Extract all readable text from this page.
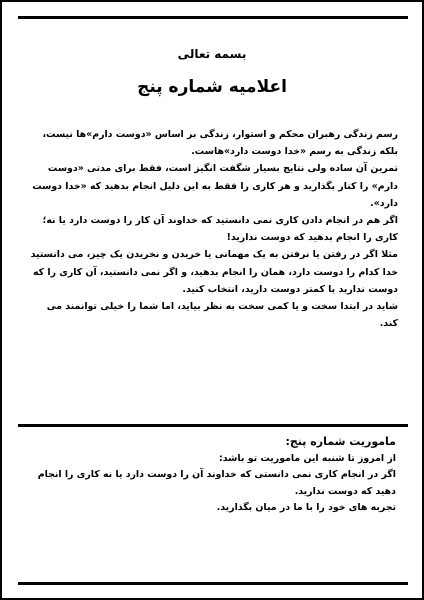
بسمه تعالی
اعلامیه شماره پنج

رسم زندگی رهبران محکم و استوار، زندگی بر اساس «دوست دارم»ها نیست، بلکه زندگی به رسم «خدا دوست دارد»هاست.

تمرین آن ساده ولی نتایج بسیار شگفت انگیز است، فقط برای مدتی «دوست دارم» را کنار بگذارید و هر کاری را فقط به این دلیل انجام بدهید که «خدا دوست دارد».

اگر هم در انجام دادن کاری نمی دانستید که خداوند آن کار را دوست دارد یا نه؛ کاری را انجام بدهید که دوست ندارید!

مثلا اگر در رفتن یا نرفتن به یک مهمانی یا خریدن و نخریدن یک چیز، می دانستید خدا کدام را دوست دارد، همان را انجام بدهید، و اگر نمی دانستید، آن کاری را که دوست ندارید یا کمتر دوست دارید، انتخاب کنید.

شاید در ابتدا سخت و یا کمی سخت به نظر بیاید، اما شما را خیلی توانمند می کند.

ماموریت شماره پنج:

از امروز تا شنبه این ماموریت تو باشد:

اگر در انجام کاری نمی دانستی که خداوند آن را دوست دارد یا نه کاری را انجام دهید که دوست ندارید.

تجربه های خود را با ما در میان بگذارید.
